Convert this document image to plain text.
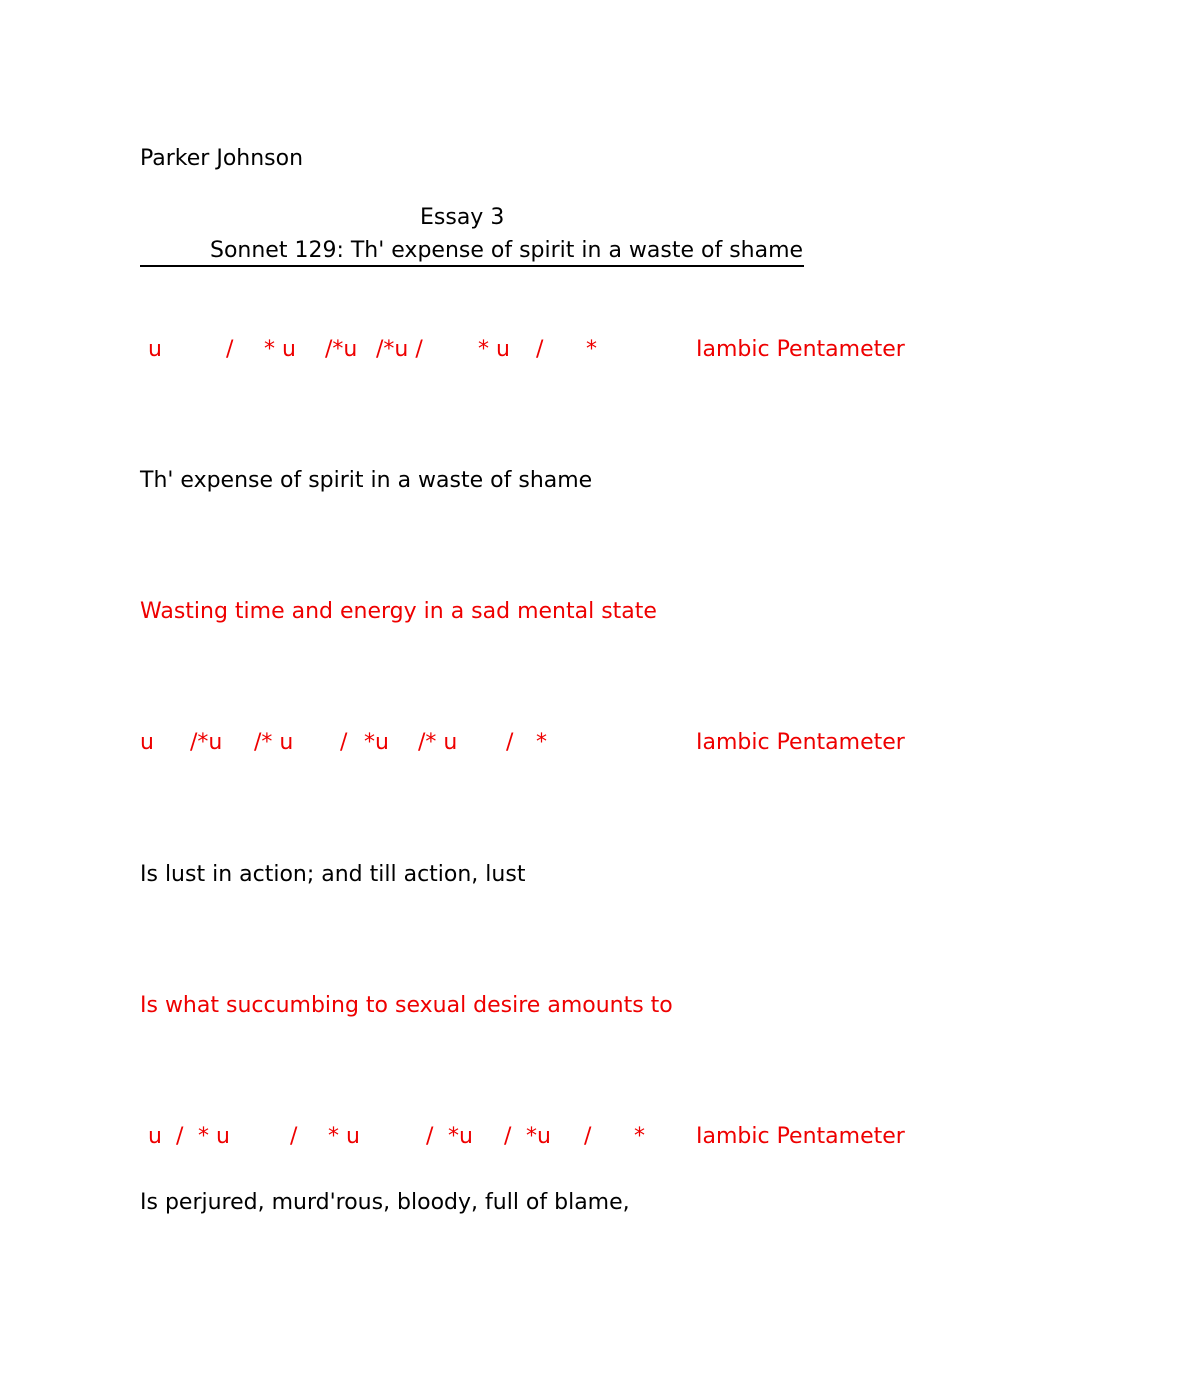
Parker Johnson
Essay 3
Sonnet 129: Th' expense of spirit in a waste of shame

u

	/

* u

/*u

/*u /

	* u

/

*	Iambic Pentameter
Th' expense of spirit in a waste of shame
Wasting time and energy in a sad mental state

u

/*u

/* u

/

*u

/* u

/

*	Iambic Pentameter
Is lust in action; and till action, lust
Is what succumbing to sexual desire amounts to

u

/

* u

	/

* u

	/

*u

/

*u

/

* Iambic Pentameter
Is perjured, murd'rous, bloody, full of blame,
